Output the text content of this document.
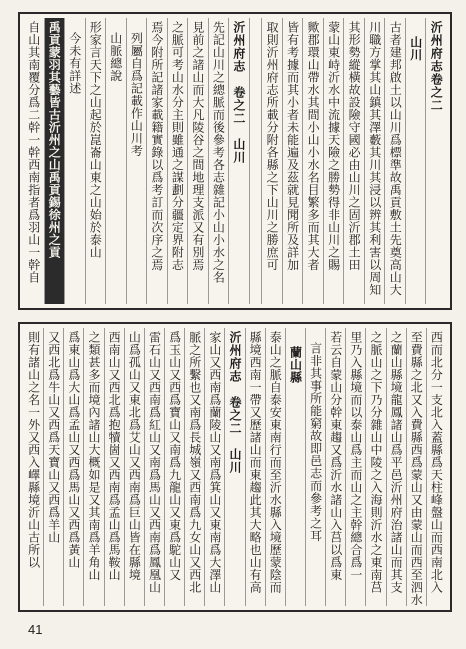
沂州府志卷之二
山川
古者建邦啟土以山川爲標準故禹貢敷土先奠高山大
川職方掌其山鎮其澤藪其川其浸以辨其利害以周知
其形勢縱橫故設險守國必由山川之固沂郡土田
蒙山東峙沂水中流據天險之勝勢得非山川之賜
歟郡環山帶水其間小山小水名目繁多而其大者
皆有考據而其小者未能遍及茲就見聞所及詳加
取則沂州府志所載分附各縣之下山川之勝庶可
沂州府志　卷之二　山川
先記山川之總脈而後參考各志雜記小山小水之名
見前之諸山而大凡陵谷之間地理支派又有別焉
之脈可考山水分主則雖通之謀劃分疆定界附志
焉今附所記諸家載籍實錄以爲考訂而次序之焉
列屬自爲記載作山川考
山脈總說
形家言天下之山起於崑崙山東之山始於泰山
今未有詳述
禹貢蒙羽其藝皆古沂州之山禹貢錫徐州之貢
自山其南覆分爲二幹一幹西南指者爲羽山一幹自
西而北分一支北入蓋縣爲天柱峰盤山而西南北入
至費縣之北又入費縣西爲蒙山又由蒙山而西至泗水
之蘭山縣境龍鳳諸山爲平邑沂州府治諸山而其支
之脈山之下乃分雜山中陵之入海則沂水之東南莒
里乃入縣境而以泰山爲主而山之主幹總合爲一
若云自蒙山分幹東趨又爲沂水諸山入莒以爲東
言非其事所能窮故即邑志而參考之耳
蘭山縣
泰山之脈自泰安東南行而至沂水縣入境歷蒙陰而
縣境西南一帶又歷諸山而東趨此其大略也山有高
沂州府志　卷之二　山川
家山又西南爲蘭陵山又南爲箕山又東南爲大澤山
脈之所繫也又南爲長城嶺又西南爲九女山又西北
爲玉山又西爲寶山又南爲九龍山又東爲駝山又
雷石山又西南爲紅山又南爲馬山又西南爲鳳凰山
山爲孤山又東北爲艾山又西南爲巨山皆在縣境
西南山又西北爲抱犢崮又西南爲孟山爲馬鞍山
之類甚多而境內諸山大概如是又其南爲羊角山
爲東山爲大山爲孟山又西爲馬山又西爲黃山
又西北爲牛山又西爲天寶山又西爲羊山
則有諸山之名一外又西入嶧縣境沂山古所以
41
